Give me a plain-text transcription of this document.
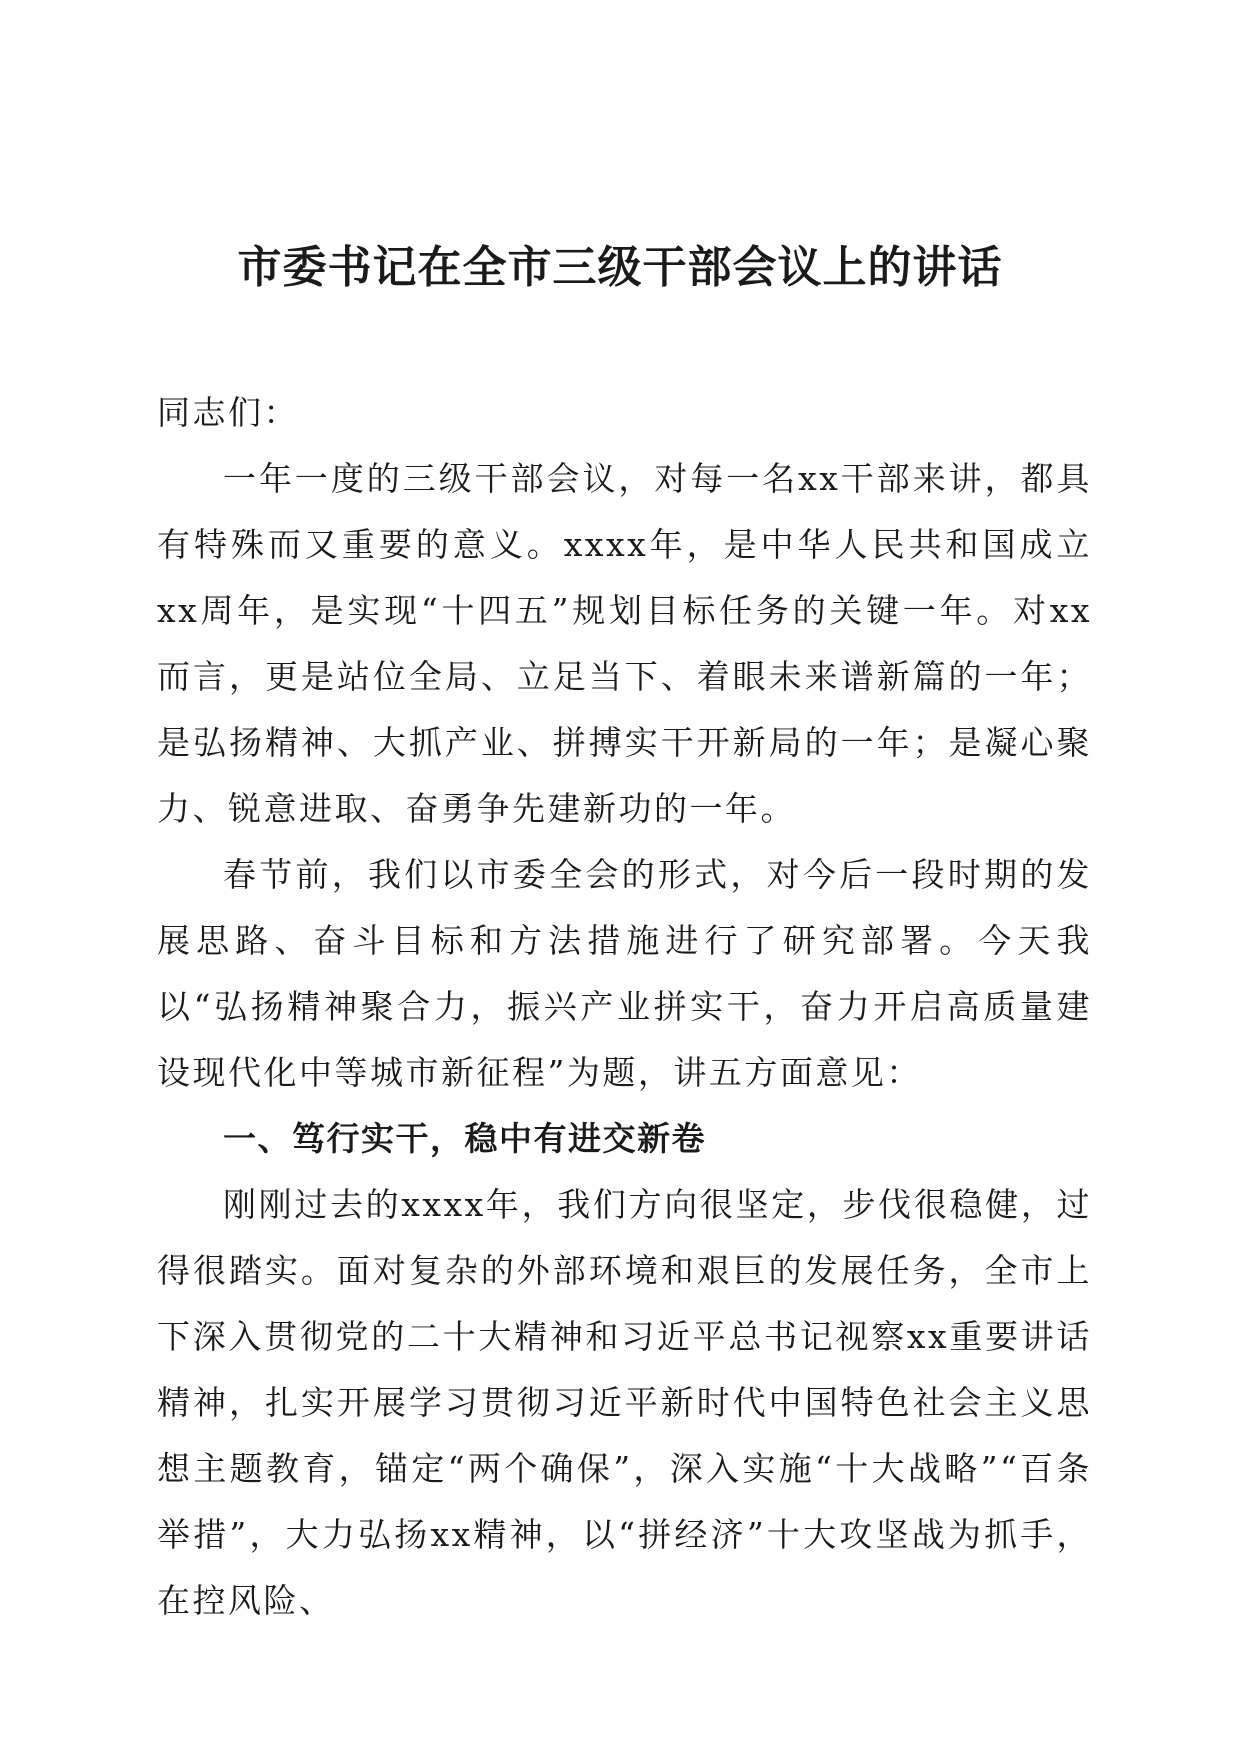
市委书记在全市三级干部会议上的讲话

同志们：

一年一度的三级干部会议，对每一名xx干部来讲，都具有特殊而又重要的意义。xxxx年，是中华人民共和国成立xx周年，是实现“十四五”规划目标任务的关键一年。对xx而言，更是站位全局、立足当下、着眼未来谱新篇的一年；是弘扬精神、大抓产业、拼搏实干开新局的一年；是凝心聚力、锐意进取、奋勇争先建新功的一年。

春节前，我们以市委全会的形式，对今后一段时期的发展思路、奋斗目标和方法措施进行了研究部署。今天我以“弘扬精神聚合力，振兴产业拼实干，奋力开启高质量建设现代化中等城市新征程”为题，讲五方面意见：

一、笃行实干，稳中有进交新卷

刚刚过去的xxxx年，我们方向很坚定，步伐很稳健，过得很踏实。面对复杂的外部环境和艰巨的发展任务，全市上下深入贯彻党的二十大精神和习近平总书记视察xx重要讲话精神，扎实开展学习贯彻习近平新时代中国特色社会主义思想主题教育，锚定“两个确保”，深入实施“十大战略”“百条举措”，大力弘扬xx精神，以“拼经济”十大攻坚战为抓手，在控风险、
